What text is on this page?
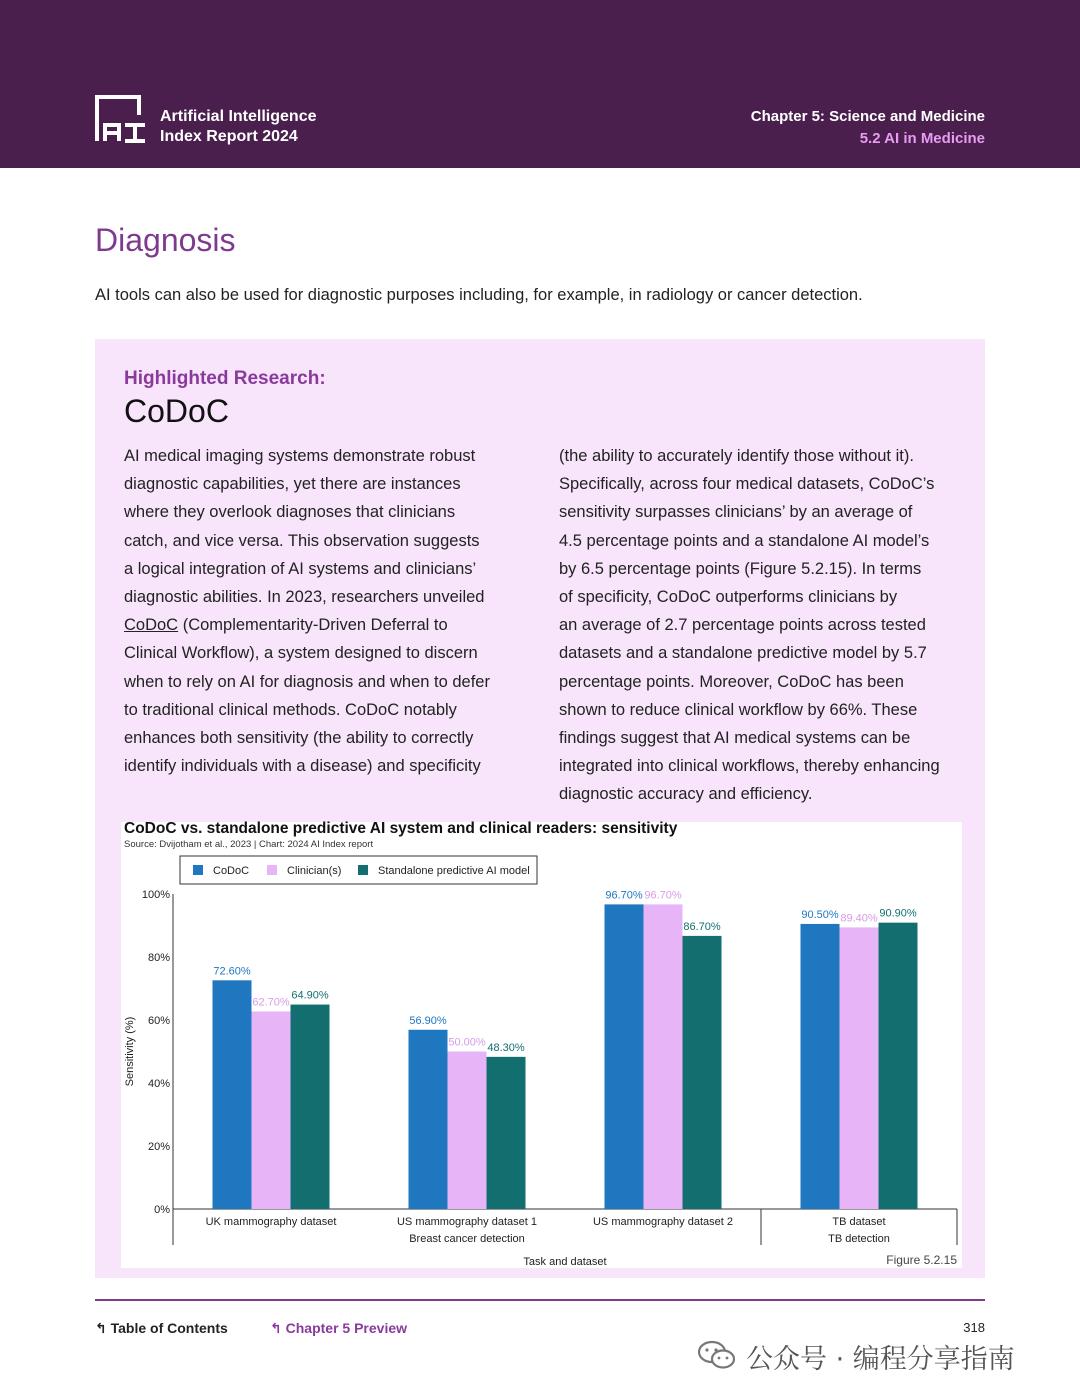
Artificial Intelligence
Index Report 2024
Chapter 5: Science and Medicine
5.2 AI in Medicine
Diagnosis

AI tools can also be used for diagnostic purposes including, for example, in radiology or cancer detection.

Highlighted Research:
CoDoC
AI medical imaging systems demonstrate robust
diagnostic capabilities, yet there are instances
where they overlook diagnoses that clinicians
catch, and vice versa. This observation suggests
a logical integration of AI systems and clinicians’
diagnostic abilities. In 2023, researchers unveiled
CoDoC (Complementarity-Driven Deferral to
Clinical Workflow), a system designed to discern
when to rely on AI for diagnosis and when to defer
to traditional clinical methods. CoDoC notably
enhances both sensitivity (the ability to correctly
identify individuals with a disease) and specificity
(the ability to accurately identify those without it).
Specifically, across four medical datasets, CoDoC’s
sensitivity surpasses clinicians’ by an average of
4.5 percentage points and a standalone AI model’s
by 6.5 percentage points (Figure 5.2.15). In terms
of specificity, CoDoC outperforms clinicians by
an average of 2.7 percentage points across tested
datasets and a standalone predictive model by 5.7
percentage points. Moreover, CoDoC has been
shown to reduce clinical workflow by 66%. These
findings suggest that AI medical systems can be
integrated into clinical workflows, thereby enhancing
diagnostic accuracy and efficiency.
CoDoC vs. standalone predictive AI system and clinical readers: sensitivity
Source: Dvijotham et al., 2023 | Chart: 2024 AI Index report
CoDoC	Clinician(s)	Standalone predictive AI model
0%
20%
40%
60%
80%
100%
Sensitivity (%)
72.60%
62.70%
64.90%
UK mammography dataset
56.90%
50.00% 48.30%
US mammography dataset 1
96.70% 96.70%
86.70%
US mammography dataset 2
90.50% 89.40% 90.90%
TB dataset
Breast cancer detection	TB detection
Task and dataset	Figure 5.2.15
↰ Table of Contents	↰ Chapter 5 Preview	318
公众号 · 编程分享指南
